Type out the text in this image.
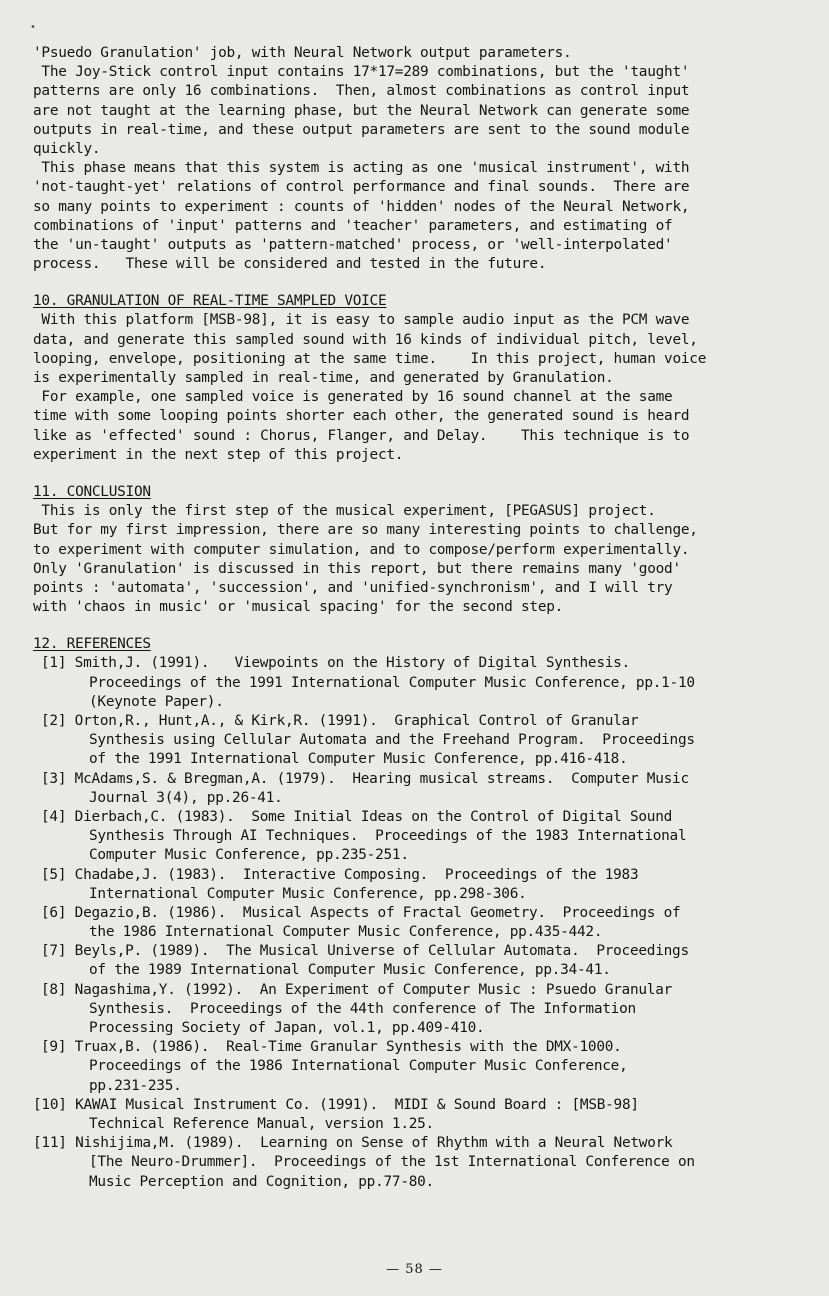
•
'Psuedo Granulation' job, with Neural Network output parameters.
The Joy-Stick control input contains 17*17=289 combinations, but the 'taught'
patterns are only 16 combinations.  Then, almost combinations as control input
are not taught at the learning phase, but the Neural Network can generate some
outputs in real-time, and these output parameters are sent to the sound module
quickly.
This phase means that this system is acting as one 'musical instrument', with
'not-taught-yet' relations of control performance and final sounds.  There are
so many points to experiment : counts of 'hidden' nodes of the Neural Network,
combinations of 'input' patterns and 'teacher' parameters, and estimating of
the 'un-taught' outputs as 'pattern-matched' process, or 'well-interpolated'
process.   These will be considered and tested in the future.
10. GRANULATION OF REAL-TIME SAMPLED VOICE
With this platform [MSB-98], it is easy to sample audio input as the PCM wave
data, and generate this sampled sound with 16 kinds of individual pitch, level,
looping, envelope, positioning at the same time.    In this project, human voice
is experimentally sampled in real-time, and generated by Granulation.
For example, one sampled voice is generated by 16 sound channel at the same
time with some looping points shorter each other, the generated sound is heard
like as 'effected' sound : Chorus, Flanger, and Delay.    This technique is to
experiment in the next step of this project.
11. CONCLUSION
This is only the first step of the musical experiment, [PEGASUS] project.
But for my first impression, there are so many interesting points to challenge,
to experiment with computer simulation, and to compose/perform experimentally.
Only 'Granulation' is discussed in this report, but there remains many 'good'
points : 'automata', 'succession', and 'unified-synchronism', and I will try
with 'chaos in music' or 'musical spacing' for the second step.
12. REFERENCES
[1] Smith,J. (1991).   Viewpoints on the History of Digital Synthesis.
Proceedings of the 1991 International Computer Music Conference, pp.1-10
(Keynote Paper).
[2] Orton,R., Hunt,A., & Kirk,R. (1991).  Graphical Control of Granular
Synthesis using Cellular Automata and the Freehand Program.  Proceedings
of the 1991 International Computer Music Conference, pp.416-418.
[3] McAdams,S. & Bregman,A. (1979).  Hearing musical streams.  Computer Music
Journal 3(4), pp.26-41.
[4] Dierbach,C. (1983).  Some Initial Ideas on the Control of Digital Sound
Synthesis Through AI Techniques.  Proceedings of the 1983 International
Computer Music Conference, pp.235-251.
[5] Chadabe,J. (1983).  Interactive Composing.  Proceedings of the 1983
International Computer Music Conference, pp.298-306.
[6] Degazio,B. (1986).  Musical Aspects of Fractal Geometry.  Proceedings of
the 1986 International Computer Music Conference, pp.435-442.
[7] Beyls,P. (1989).  The Musical Universe of Cellular Automata.  Proceedings
of the 1989 International Computer Music Conference, pp.34-41.
[8] Nagashima,Y. (1992).  An Experiment of Computer Music : Psuedo Granular
Synthesis.  Proceedings of the 44th conference of The Information
Processing Society of Japan, vol.1, pp.409-410.
[9] Truax,B. (1986).  Real-Time Granular Synthesis with the DMX-1000.
Proceedings of the 1986 International Computer Music Conference,
pp.231-235.
[10] KAWAI Musical Instrument Co. (1991).  MIDI & Sound Board : [MSB-98]
Technical Reference Manual, version 1.25.
[11] Nishijima,M. (1989).  Learning on Sense of Rhythm with a Neural Network
[The Neuro-Drummer].  Proceedings of the 1st International Conference on
Music Perception and Cognition, pp.77-80.
— 58 —
